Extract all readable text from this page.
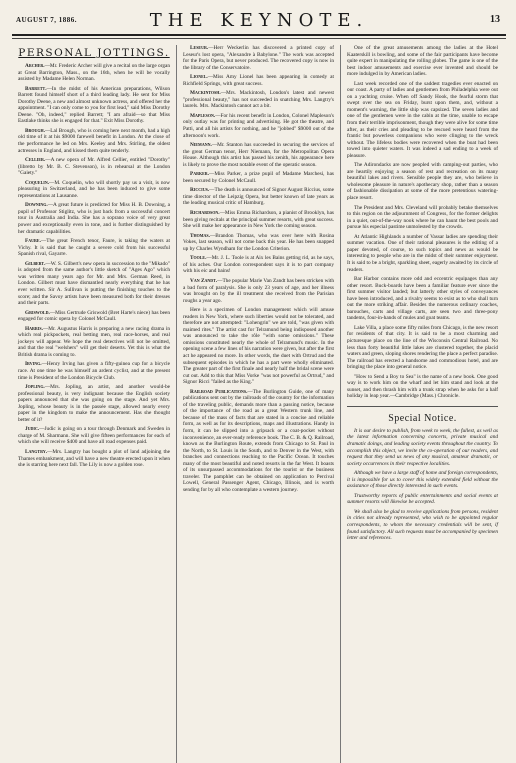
AUGUST 7, 1886.	THE KEYNOTE.	13
PERSONAL JOTTINGS.

Archer.—Mr. Frederic Archer will give a recital on the large organ at Great Barrington, Mass., on the 16th, when he will be vocally assisted by Madame Helen Norman.

Barrett.—In the midst of his American preparations, Wilson Barrett found himself short of a third leading lady. He sent for Miss Dorothy Deene, a new and almost unknown actress, and offered her the appointment. "I can only come to you for first lead," said Miss Dorothy Deene. "Oh, indeed," replied Barrett; "I am afraid—so that Miss Eastlake thinks she is engaged for that." Exit Miss Dorothy.

Brough.—Lal Brough, who is coming here next month, had a high old time of it at his $9000 farewell benefit in London. At the close of the performance he led on Mrs. Keeley and Mrs. Stirling, the oldest actresses in England, and kissed them quite tenderly.

Cellier.—A new opera of Mr. Alfred Cellier, entitled "Dorothy" (libretto by Mr. B. C. Stevenson), is in rehearsal at the London "Gaiety."

Coquelin.—M. Coquelin, who will shortly pay us a visit, is now pleasuring in Switzerland, and he has been induced to give some representations at Lausanne.

Downing.—A great future is predicted for Miss H. B. Downing, a pupil of Professor Stiglitz, who is just back from a successful concert tour in Australia and India. She has a soprano voice of very great power and exceptionally even in tone, and is further distinguished by her dramatic capabilities.

Faure.—The great French tenor, Faure, is taking the waters at Vichy. It is said that he caught a severe cold from his successful Spanish rival, Gayarre.

Gilbert.—W. S. Gilbert's new opera in succession to the "Mikado" is adopted from the same author's little sketch of "Ages Ago" which was written many years ago for Mr. and Mrs. German Reed, in London. Gilbert must have dismantled nearly everything that he has ever written. Sir A. Sullivan is putting the finishing touches to the score; and the Savoy artists have been measured both for their dresses and their parts.

Griswold.—Miss Gertrude Griswold (Bret Harte's niece) has been engaged for comic opera by Colonel McCaull.

Harris.—Mr. Augustus Harris is preparing a new racing drama in which real pickpockets, real betting men, real race-horses, and real jockeys will appear. We hope the real detectives will not be omitted, and that the real "welshers" will get their deserts. Yet this is what the British drama is coming to.

Irving.—Henry Irving has given a fifty-guinea cup for a bicycle race. At one time he was himself an ardent cyclist, and at the present time is President of the London Bicycle Club.

Jopling.—Mrs. Jopling, an artist, and another would-be professional beauty, is very indignant because the English society papers announced that she was going on the stage. And yet Mrs. Jopling, whose beauty is in the passée stage, allowed nearly every paper in the kingdom to make the announcement. Has she thought better of it?

Judic.—Judic is going on a tour through Denmark and Sweden in charge of M. Sharmann. She will give fifteen performances for each of which she will receive $400 and have all road expenses paid.

Langtry.—Mrs. Langtry has bought a plot of land adjoining the Thames embankment, and will have a new theatre erected upon it when she is starring here next fall. The Lily is now a golden rose.

Leseur.—Herr Weckerlin has discovered a printed copy of Leseur's lost opera, "Alexandre à Babylone." The work was accepted for the Paris Opera, but never produced. The recovered copy is now in the library of the Conservatoire.

Lionel.—Miss Amy Lionel has been appearing in comedy at Richfield Springs, with great success.

Mackintosh.—Mrs. Mackintosh, London's latest and newest "professional beauty," has not succeeded in snatching Mrs. Langtry's laurels. Mrs. Mackintosh cannot act a bit.

Mapleson.—For his recent benefit in London, Colonel Mapleson's only outlay was for printing and advertising. He got the theatre, and Patti, and all his artists for nothing, and he "jobbed" $9000 out of the afternoon's work.

Niemann.—Mr. Stanton has succeeded in securing the services of the great German tenor, Herr Niemann, for the Metropolitan Opera House. Although this artist has passed his zenith, his appearance here is likely to prove the most notable event of the operatic season.

Parker.—Miss Parker, a prize pupil of Madame Marchesi, has been secured by Colonel McCaull.

Riccius.—The death is announced of Signor August Riccius, some time director of the Leipzig Opera, but better known of late years as the leading musical critic of Hamburg.

Richardson.—Miss Emma Richardson, a pianist of Brooklyn, has been giving recitals at the principal summer resorts, with great success. She will make her appearance in New York the coming season.

Thomas.—Brandon Thomas, who was over here with Rosina Vokes, last season, will not come back this year. He has been snapped up by Charles Wyndham for the London Criterion.

Toole.—Mr. J. L. Toole is at Aix les Bains getting rid, as he says, of his aches. Our London correspondent says it is to part company with his eic and bains!

Van Zandt.—The popular Marie Van Zandt has been stricken with a bad form of paralysis. She is only 23 years of age, and her illness was brought on by the ill treatment she received from the Parisian roughs a year ago.

Here is a specimen of London management which will amuse readers in New York, where such liberties would not be tolerated, and therefore are not attempted: "Lohengrin" we are told, "was given with maimed rites." The artist cast for Telramund being indisposed another was announced to take the rôle "with some omissions." These omissions constituted nearly the whole of Telramund's music. In the opening scene a few lines of his narration were given, but after the first act he appeared no more. In other words, the duet with Ortrud and the subsequent episodes in which he has a part were wholly eliminated. The greater part of the first finale and nearly half the bridal scene were cut out. Add to this that Miss Vorke "was not powerful as Ortrud," and Signor Ricci "failed as the King."

Railroad Publications.—The Burlington Guide, one of many publications sent out by the railroads of the country for the information of the traveling public, demands more than a passing notice, because of the importance of the road as a great Western trunk line, and because of the mass of facts that are stated in a concise and reliable form, as well as for its descriptions, maps and illustrations. Handy in form, it can be slipped into a gripsack or a coat-pocket without inconvenience, an ever-ready reference book. The C. B. & Q. Railroad, known as the Burlington Route, extends from Chicago to St. Paul in the North, to St. Louis in the South, and to Denver in the West, with branches and connections reaching to the Pacific Ocean. It touches many of the most beautiful and noted resorts in the far West. It boasts of its unsurpassed accommodations for the tourist or the business traveler. The pamphlet can be obtained on application to Percival Lowell, General Passenger Agent, Chicago, Illinois, and is worth sending for by all who contemplate a western journey.

One of the great amusements among the ladies at the Hotel Kaaterskill is bowling, and some of the fair participants have become quite expert in manipulating the rolling globes. The game is one of the best indoor amusements and exercise ever invented and should be more indulged in by American ladies.

Last week recorded one of the saddest tragedies ever enacted on our coast. A party of ladies and gentlemen from Philadelphia were out on a yachting cruise. When off Sandy Hook, the fearful storm that swept over the sea on Friday, burst upon them, and, without a moment's warning, the little ship was capsized. The seven ladies and one of the gentlemen were in the cabin at the time, unable to escape from their terrible imprisonment, though they were alive for some time after, as their cries and pleading to be rescued were heard from the frantic but powerless companions who were clinging to the wreck without. The lifeless bodies were recovered when the boat had been towed into quieter waters. It was indeed a sad ending to a week of pleasure.

The Adirondacks are now peopled with camping-out parties, who are heartily enjoying a season of rest and recreation on its many beautiful lakes and rivers. Sensible people they are, who believe in wholesome pleasure in nature's apothecary shop, rather than a season of fashionable dissipation at some of the more pretentious watering-place resort.

The President and Mrs. Cleveland will probably betake themselves to this region on the adjournment of Congress, for the former delights in a quiet, out-of-the-way nook where he can haunt the best pools and pursue his especial pastime unmolested by the crowds.

At Atlantic Highlands a number of Vassar ladies are spending their summer vacation. One of their rational pleasures is the editing of a paper devoted, of course, to such topics and news as would be interesting to people who are in the midst of their summer enjoyment. It is said to be a bright, sparkling sheet, eagerly awaited by its circle of readers.

Bar Harbor contains more odd and eccentric equipages than any other resort. Buck-boards have been a familiar feature ever since the first summer visitor landed; but latterly other styles of conveyances have been introduced, and a rivalry seems to exist as to who shall turn out the more striking affair. Besides the numerous ordinary coaches, barouches, carts and village carts, are seen two and three-pony tandems, four-in-hands of mules and goat teams.

Lake Villa, a place some fifty miles from Chicago, is the new resort for residents of that city. It is said to be a most charming and picturesque place on the line of the Wisconsin Central Railroad. No less than forty beautiful little lakes are clustered together, the placid waters and green, sloping shores rendering the place a perfect paradise. The railroad has erected a handsome and commodious hotel, and are bringing the place into general notice.

"How to Send a Boy to Sea" is the name of a new book. One good way is to work him on the wharf and let him stand and look at the sunset, and then thrash him with a trunk strap when he asks for a half holiday in leap year.—Cambridge (Mass.) Chronicle.

Special Notice.

It is our desire to publish, from week to week, the fullest, as well as the latest information concerning concerts, private musical and dramatic doings, and leading society events throughout the country. To accomplish this object, we invite the co-operation of our readers, and request that they send us news of any musical, amateur dramatic, or society occurrences in their respective localities.

Although we have a large staff of home and foreign correspondents, it is impossible for us to cover this widely extended field without the assistance of those directly interested in such events.

Trustworthy reports of public entertainments and social events at summer resorts will likewise be accepted.

We shall also be glad to receive applications from persons, resident in cities not already represented, who wish to be appointed regular correspondents, to whom the necessary credentials will be sent, if found satisfactory. All such requests must be accompanied by specimen letter and references.
